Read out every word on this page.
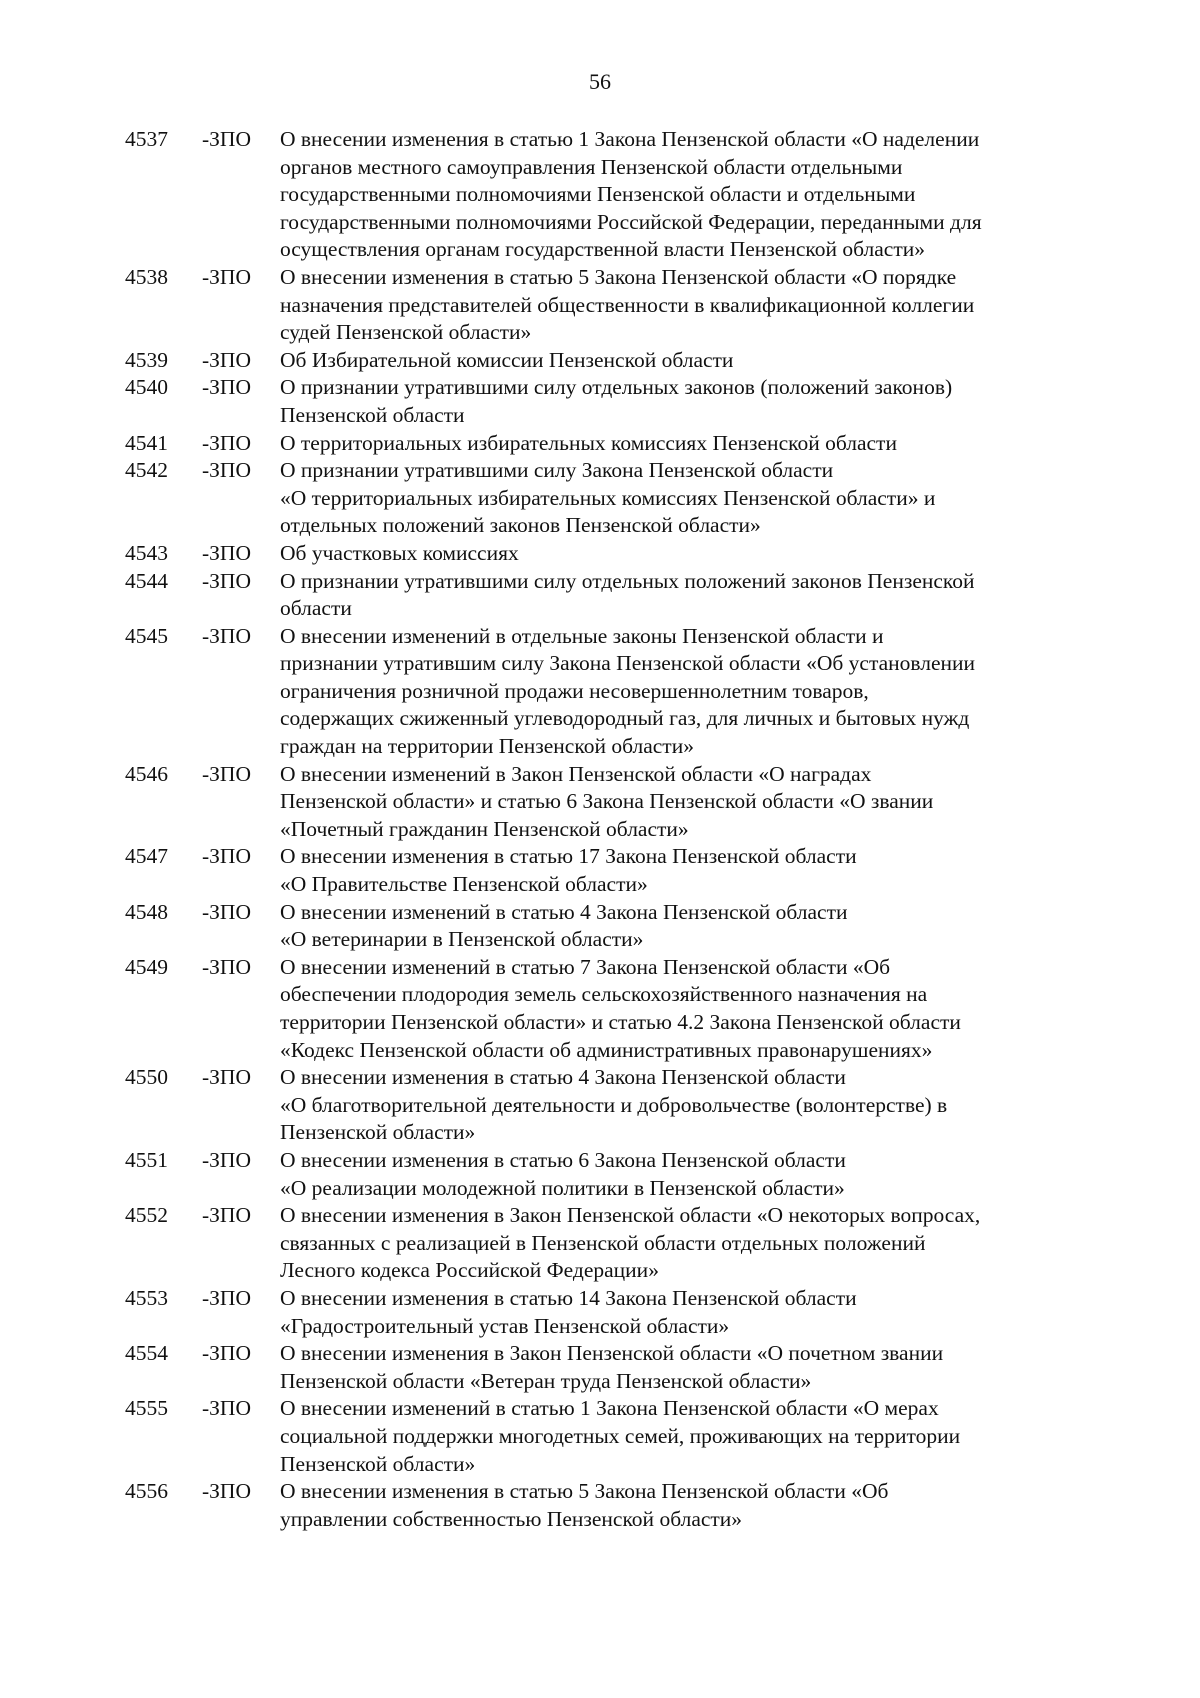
56
4537	-ЗПО	О внесении изменения в статью 1 Закона Пензенской области «О наделении
органов местного самоуправления Пензенской области отдельными
государственными полномочиями Пензенской области и отдельными
государственными полномочиями Российской Федерации, переданными для
осуществления органам государственной власти Пензенской области»
4538	-ЗПО	О внесении изменения в статью 5 Закона Пензенской области «О порядке
назначения представителей общественности в квалификационной коллегии
судей Пензенской области»
4539	-ЗПО	Об Избирательной комиссии Пензенской области
4540	-ЗПО	О признании утратившими силу отдельных законов (положений законов)
Пензенской области
4541	-ЗПО	О территориальных избирательных комиссиях Пензенской области
4542	-ЗПО	О признании утратившими силу Закона Пензенской области
«О территориальных избирательных комиссиях Пензенской области» и
отдельных положений законов Пензенской области»
4543	-ЗПО	Об участковых комиссиях
4544	-ЗПО	О признании утратившими силу отдельных положений законов Пензенской
области
4545	-ЗПО	О внесении изменений в отдельные законы Пензенской области и
признании утратившим силу Закона Пензенской области «Об установлении
ограничения розничной продажи несовершеннолетним товаров,
содержащих сжиженный углеводородный газ, для личных и бытовых нужд
граждан на территории Пензенской области»
4546	-ЗПО	О внесении изменений в Закон Пензенской области «О наградах
Пензенской области» и статью 6 Закона Пензенской области «О звании
«Почетный гражданин Пензенской области»
4547	-ЗПО	О внесении изменения в статью 17 Закона Пензенской области
«О Правительстве Пензенской области»
4548	-ЗПО	О внесении изменений в статью 4 Закона Пензенской области
«О ветеринарии в Пензенской области»
4549	-ЗПО	О внесении изменений в статью 7 Закона Пензенской области «Об
обеспечении плодородия земель сельскохозяйственного назначения на
территории Пензенской области» и статью 4.2 Закона Пензенской области
«Кодекс Пензенской области об административных правонарушениях»
4550	-ЗПО	О внесении изменения в статью 4 Закона Пензенской области
«О благотворительной деятельности и добровольчестве (волонтерстве) в
Пензенской области»
4551	-ЗПО	О внесении изменения в статью 6 Закона Пензенской области
«О реализации молодежной политики в Пензенской области»
4552	-ЗПО	О внесении изменения в Закон Пензенской области «О некоторых вопросах,
связанных с реализацией в Пензенской области отдельных положений
Лесного кодекса Российской Федерации»
4553	-ЗПО	О внесении изменения в статью 14 Закона Пензенской области
«Градостроительный устав Пензенской области»
4554	-ЗПО	О внесении изменения в Закон Пензенской области «О почетном звании
Пензенской области «Ветеран труда Пензенской области»
4555	-ЗПО	О внесении изменений в статью 1 Закона Пензенской области «О мерах
социальной поддержки многодетных семей, проживающих на территории
Пензенской области»
4556	-ЗПО	О внесении изменения в статью 5 Закона Пензенской области «Об
управлении собственностью Пензенской области»
